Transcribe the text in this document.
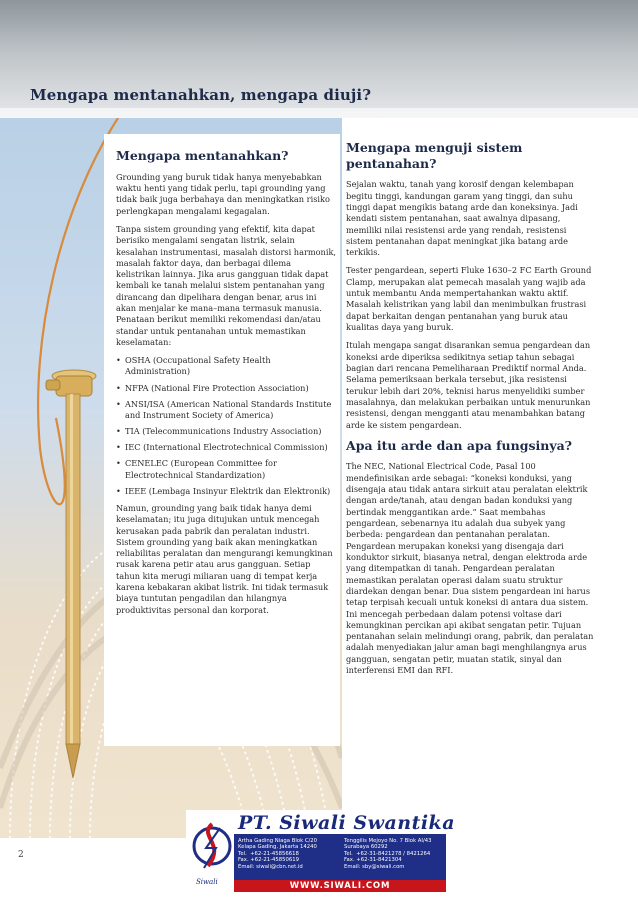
Mengapa mentanahkan, mengapa diuji?
Mengapa mentanahkan?

Grounding yang buruk tidak hanya menyebabkan waktu henti yang tidak perlu, tapi grounding yang tidak baik juga berbahaya dan meningkatkan risiko perlengkapan mengalami kegagalan.

Tanpa sistem grounding yang efektif, kita dapat berisiko mengalami sengatan listrik, selain kesalahan instrumentasi, masalah distorsi harmonik, masalah faktor daya, dan berbagai dilema kelistrikan lainnya. Jika arus gangguan tidak dapat kembali ke tanah melalui sistem pentanahan yang dirancang dan dipelihara dengan benar, arus ini akan menjalar ke mana–mana termasuk manusia. Penataan berikut memiliki rekomendasi dan/atau standar untuk pentanahan untuk memastikan keselamatan:

• OSHA (Occupational Safety Health Administration)
• NFPA (National Fire Protection Association)
• ANSI/ISA (American National Standards Institute and Instrument Society of America)
• TIA (Telecommunications Industry Association)
• IEC (International Electrotechnical Commission)
• CENELEC (European Committee for Electrotechnical Standardization)
• IEEE (Lembaga Insinyur Elektrik dan Elektronik)

Namun, grounding yang baik tidak hanya demi keselamatan; itu juga ditujukan untuk mencegah kerusakan pada pabrik dan peralatan industri. Sistem grounding yang baik akan meningkatkan reliabilitas peralatan dan mengurangi kemungkinan rusak karena petir atau arus gangguan. Setiap tahun kita merugi miliaran uang di tempat kerja karena kebakaran akibat listrik. Ini tidak termasuk biaya tuntutan pengadilan dan hilangnya produktivitas personal dan korporat.

Mengapa menguji sistem pentanahan?

Sejalan waktu, tanah yang korosif dengan kelembapan begitu tinggi, kandungan garam yang tinggi, dan suhu tinggi dapat mengikis batang arde dan koneksinya. Jadi kendati sistem pentanahan, saat awalnya dipasang, memiliki nilai resistensi arde yang rendah, resistensi sistem pentanahan dapat meningkat jika batang arde terkikis.

Tester pengardean, seperti Fluke 1630–2 FC Earth Ground Clamp, merupakan alat pemecah masalah yang wajib ada untuk membantu Anda mempertahankan waktu aktif. Masalah kelistrikan yang labil dan menimbulkan frustrasi dapat berkaitan dengan pentanahan yang buruk atau kualitas daya yang buruk.

Itulah mengapa sangat disarankan semua pengardean dan koneksi arde diperiksa sedikitnya setiap tahun sebagai bagian dari rencana Pemeliharaan Prediktif normal Anda. Selama pemeriksaan berkala tersebut, jika resistensi terukur lebih dari 20%, teknisi harus menyelidiki sumber masalahnya, dan melakukan perbaikan untuk menurunkan resistensi, dengan mengganti atau menambahkan batang arde ke sistem pengardean.

Apa itu arde dan apa fungsinya?

The NEC, National Electrical Code, Pasal 100 mendefinisikan arde sebagai: “koneksi konduksi, yang disengaja atau tidak antara sirkuit atau peralatan elektrik dengan arde/tanah, atau dengan badan konduksi yang bertindak menggantikan arde.” Saat membahas pengardean, sebenarnya itu adalah dua subyek yang berbeda: pengardean dan pentanahan peralatan. Pengardean merupakan koneksi yang disengaja dari konduktor sirkuit, biasanya netral, dengan elektroda arde yang ditempatkan di tanah. Pengardean peralatan memastikan peralatan operasi dalam suatu struktur diardekan dengan benar. Dua sistem pengardean ini harus tetap terpisah kecuali untuk koneksi di antara dua sistem. Ini mencegah perbedaan dalam potensi voltase dari kemungkinan percikan api akibat sengatan petir. Tujuan pentanahan selain melindungi orang, pabrik, dan peralatan adalah menyediakan jalur aman bagi menghilangnya arus gangguan, sengatan petir, muatan statik, sinyal dan interferensi EMI dan RFI.

2
Siwali
PT. Siwali Swantika
Artha Gading Niaga Blok C/20
Kelapa Gading, Jakarta 14240
Tel.  +62-21-45856618
Fax. +62-21-45850619
Email: siwali@cbn.net.id
Tenggilis Mejoyo No. 7 Blok AI/43
Surabaya 60292
Tel.  +62-31-8421278 / 8421264
Fax. +62-31-8421304
Email: sby@siwali.com
WWW.SIWALI.COM
